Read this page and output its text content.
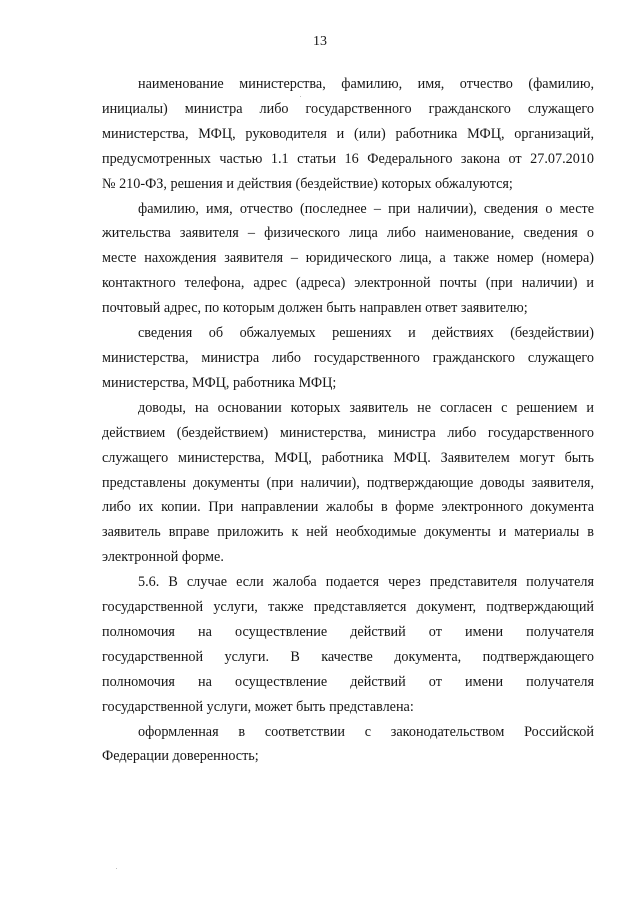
13

наименование министерства, фамилию, имя, отчество (фамилию,
инициалы) министра либо государственного гражданского служащего
министерства, МФЦ, руководителя и (или) работника МФЦ, организаций,
предусмотренных частью 1.1 статьи 16 Федерального закона от 27.07.2010
№ 210-ФЗ, решения и действия (бездействие) которых обжалуются;

фамилию, имя, отчество (последнее – при наличии), сведения о месте
жительства заявителя – физического лица либо наименование, сведения о
месте нахождения заявителя – юридического лица, а также номер (номера)
контактного телефона, адрес (адреса) электронной почты (при наличии) и
почтовый адрес, по которым должен быть направлен ответ заявителю;

сведения об обжалуемых решениях и действиях (бездействии)
министерства, министра либо государственного гражданского служащего
министерства, МФЦ, работника МФЦ;

доводы, на основании которых заявитель не согласен с решением и
действием (бездействием) министерства, министра либо государственного
служащего министерства, МФЦ, работника МФЦ. Заявителем могут быть
представлены документы (при наличии), подтверждающие доводы заявителя,
либо их копии. При направлении жалобы в форме электронного документа
заявитель вправе приложить к ней необходимые документы и материалы в
электронной форме.

5.6. В случае если жалоба подается через представителя получателя
государственной услуги, также представляется документ, подтверждающий
полномочия на осуществление действий от имени получателя
государственной услуги. В качестве документа, подтверждающего
полномочия на осуществление действий от имени получателя
государственной услуги, может быть представлена:

оформленная в соответствии с законодательством Российской
Федерации доверенность;
